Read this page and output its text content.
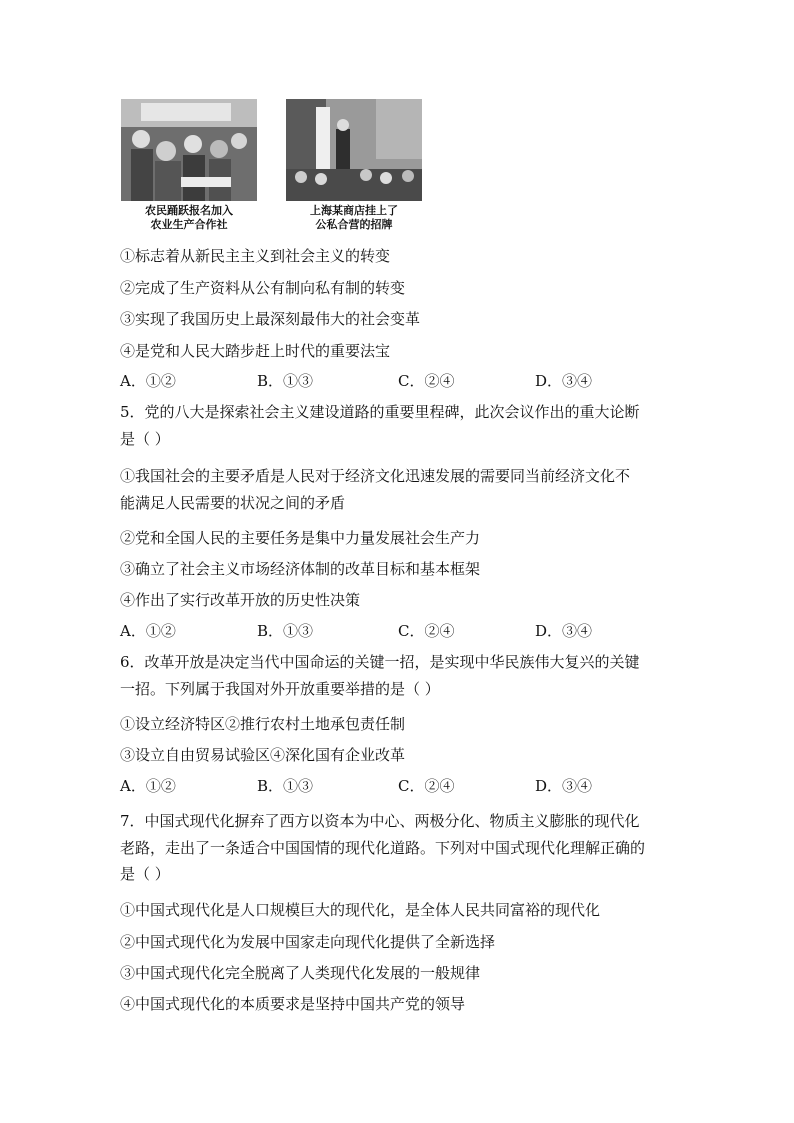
农民踊跃报名加入
农业生产合作社
上海某商店挂上了
公私合营的招牌
①标志着从新民主主义到社会主义的转变
②完成了生产资料从公有制向私有制的转变
③实现了我国历史上最深刻最伟大的社会变革
④是党和人民大踏步赶上时代的重要法宝
A．①②	B．①③	C．②④	D．③④
5．党的八大是探索社会主义建设道路的重要里程碑，此次会议作出的重大论断
是（ ）
①我国社会的主要矛盾是人民对于经济文化迅速发展的需要同当前经济文化不
能满足人民需要的状况之间的矛盾
②党和全国人民的主要任务是集中力量发展社会生产力
③确立了社会主义市场经济体制的改革目标和基本框架
④作出了实行改革开放的历史性决策
A．①②	B．①③	C．②④	D．③④
6．改革开放是决定当代中国命运的关键一招，是实现中华民族伟大复兴的关键
一招。下列属于我国对外开放重要举措的是（ ）
①设立经济特区②推行农村土地承包责任制
③设立自由贸易试验区④深化国有企业改革
A．①②	B．①③	C．②④	D．③④
7．中国式现代化摒弃了西方以资本为中心、两极分化、物质主义膨胀的现代化
老路，走出了一条适合中国国情的现代化道路。下列对中国式现代化理解正确的
是（ ）
①中国式现代化是人口规模巨大的现代化，是全体人民共同富裕的现代化
②中国式现代化为发展中国家走向现代化提供了全新选择
③中国式现代化完全脱离了人类现代化发展的一般规律
④中国式现代化的本质要求是坚持中国共产党的领导
